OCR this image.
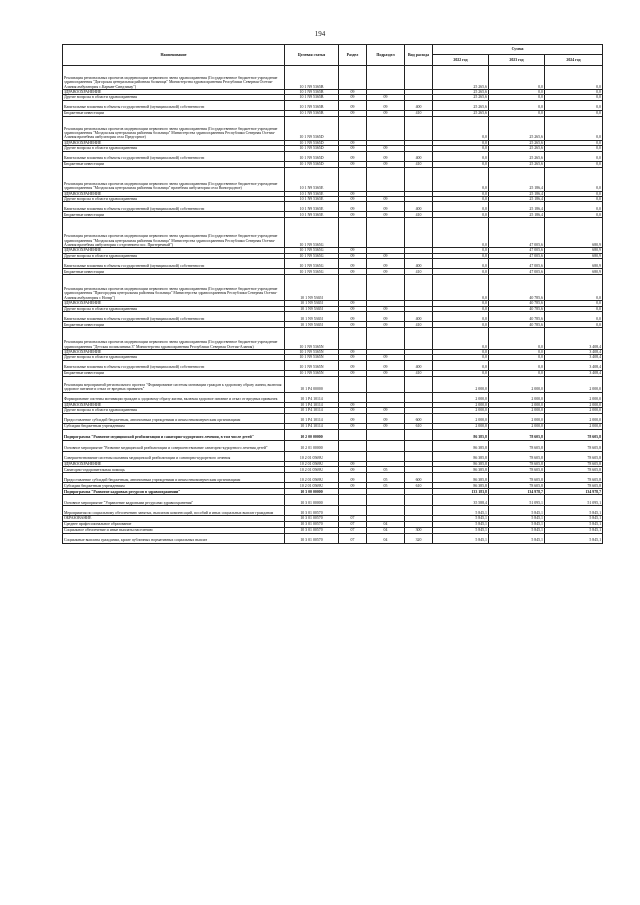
194
Наименование	Целевая статья	Раздел	Подраздел	Вид расхода	Сумма		
					2022 год	2023 год	2024 год
Реализация региональных проектов модернизации первичного звена здравоохранения (Государственное бюджетное учреждение здравоохранения "Дигорская центральная районная больница" Министерства здравоохранения Республики Северная Осетия-Алания амбулатория с.Карман-Синдзикау")	10 1 N9 5365B				25 265,6	0,0	0,0
ЗДРАВООХРАНЕНИЕ	10 1 N9 5365B	09			25 265,6	0,0	0,0
Другие вопросы в области здравоохранения	10 1 N9 5365B	09	09		25 265,6	0,0	0,0
Капитальные вложения в объекты государственной (муниципальной) собственности	10 1 N9 5365B	09	09	400	25 265,6	0,0	0,0
Бюджетные инвестиции	10 1 N9 5365B	09	09	410	25 265,6	0,0	0,0
Реализация региональных проектов модернизации первичного звена здравоохранения (Государственное бюджетное учреждение здравоохранения "Моздокская центральная районная больница" Министерства здравоохранения Республики Северная Осетия-Алания врачебная амбулатория села Предгорное)	10 1 N9 5365D				0,0	25 265,6	0,0
ЗДРАВООХРАНЕНИЕ	10 1 N9 5365D	09			0,0	25 265,6	0,0
Другие вопросы в области здравоохранения	10 1 N9 5365D	09	09		0,0	25 265,6	0,0
Капитальные вложения в объекты государственной (муниципальной) собственности	10 1 N9 5365D	09	09	400	0,0	25 265,6	0,0
Бюджетные инвестиции	10 1 N9 5365D	09	09	410	0,0	25 265,6	0,0
Реализация региональных проектов модернизации первичного звена здравоохранения (Государственное бюджетное учреждение здравоохранения "Моздокская центральная районная больница" врачебная амбулатория села Виноградное)	10 1 N9 5365E				0,0	25 186,4	0,0
ЗДРАВООХРАНЕНИЕ	10 1 N9 5365E	09			0,0	25 186,4	0,0
Другие вопросы в области здравоохранения	10 1 N9 5365E	09	09		0,0	25 186,4	0,0
Капитальные вложения в объекты государственной (муниципальной) собственности	10 1 N9 5365E	09	09	400	0,0	25 186,4	0,0
Бюджетные инвестиции	10 1 N9 5365E	09	09	410	0,0	25 186,4	0,0
Реализация региональных проектов модернизации первичного звена здравоохранения (Государственное бюджетное учреждение здравоохранения "Моздокская центральная районная больница" Министерства здравоохранения Республики Северная Осетия-Алания врачебная амбулатория с отделением пос. Притеречный")	10 1 N9 5365G				0,0	47 005,6	680,9
ЗДРАВООХРАНЕНИЕ	10 1 N9 5365G	09			0,0	47 005,6	680,9
Другие вопросы в области здравоохранения	10 1 N9 5365G	09	09		0,0	47 005,6	680,9
Капитальные вложения в объекты государственной (муниципальной) собственности	10 1 N9 5365G	09	09	400	0,0	47 005,6	680,9
Бюджетные инвестиции	10 1 N9 5365G	09	09	410	0,0	47 005,6	680,9
Реализация региональных проектов модернизации первичного звена здравоохранения (Государственное бюджетное учреждение здравоохранения "Пригородная центральная районная больница" Министерства здравоохранения Республики Северная Осетия-Алания амбулатория с Ногир")	10 1 N9 5365I				0,0	40 785,6	0,0
ЗДРАВООХРАНЕНИЕ	10 1 N9 5365I	09			0,0	40 785,6	0,0
Другие вопросы в области здравоохранения	10 1 N9 5365I	09	09		0,0	40 785,6	0,0
Капитальные вложения в объекты государственной (муниципальной) собственности	10 1 N9 5365I	09	09	400	0,0	40 785,6	0,0
Бюджетные инвестиции	10 1 N9 5365I	09	09	410	0,0	40 785,6	0,0
Реализация региональных проектов модернизации первичного звена здравоохранения (Государственное бюджетное учреждение здравоохранения "Детская поликлиника 3" Министерства здравоохранения Республики Северная Осетия-Алания)	10 1 N9 5365N				0,0	0,0	3 408,4
ЗДРАВООХРАНЕНИЕ	10 1 N9 5365N	09			0,0	0,0	3 408,4
Другие вопросы в области здравоохранения	10 1 N9 5365N	09	09		0,0	0,0	3 408,4
Капитальные вложения в объекты государственной (муниципальной) собственности	10 1 N9 5365N	09	09	400	0,0	0,0	3 408,4
Бюджетные инвестиции	10 1 N9 5365N	09	09	410	0,0	0,0	3 408,4
Реализация мероприятий регионального проекта "Формирование системы мотивации граждан к здоровому образу жизни, включая здоровое питание и отказ от вредных привычек"	10 1 P4 00000				2 000,0	2 000,0	2 000,0
Формирование системы мотивации граждан к здоровому образу жизни, включая здоровое питание и отказ от вредных привычек	10 1 P4 10114				2 000,0	2 000,0	2 000,0
ЗДРАВООХРАНЕНИЕ	10 1 P4 10114	09			2 000,0	2 000,0	2 000,0
Другие вопросы в области здравоохранения	10 1 P4 10114	09	09		2 000,0	2 000,0	2 000,0
Предоставление субсидий бюджетным, автономным учреждениям и иным некоммерческим организациям	10 1 P4 10114	09	09	600	2 000,0	2 000,0	2 000,0
Субсидии бюджетным учреждениям	10 1 P4 10114	09	09	610	2 000,0	2 000,0	2 000,0
Подпрограмма "Развитие медицинской реабилитации и санаторно-курортного лечения, в том числе детей"	10 2 00 00000				86 385,8	78 605,8	78 605,8
Основное мероприятие "Развитие медицинской реабилитации и совершенствование санаторно-курортного лечения детей"	10 2 01 00000				86 385,8	78 605,8	78 605,8
Совершенствование системы оказания медицинской реабилитации и санаторно-курортного лечения	10 2 01 0569U				86 385,8	78 605,8	78 605,8
ЗДРАВООХРАНЕНИЕ	10 2 01 0569U	09			86 385,8	78 605,8	78 605,8
Санаторно-оздоровительная помощь	10 2 01 0569U	09	05		86 385,8	78 605,8	78 605,8
Предоставление субсидий бюджетным, автономным учреждениям и иным некоммерческим организациям	10 2 01 0569U	09	05	600	86 385,8	78 605,8	78 605,8
Субсидии бюджетным учреждениям	10 2 01 0569U	09	05	610	86 385,8	78 605,8	78 605,8
Подпрограмма "Развитие кадровых ресурсов в здравоохранении"	10 3 00 00000				133 183,8	134 978,7	134 978,7
Основное мероприятие "Управление кадровыми ресурсами здравоохранения"	10 3 01 00000				35 588,4	51 095,1	51 095,1
Мероприятия по социальному обеспечению занятых, выплатам компенсаций, пособий и иных социальных выплат гражданам	10 3 01 00570				5 845,1	5 845,1	5 845,1
ОБРАЗОВАНИЕ	10 3 01 00570	07			5 845,1	5 845,1	5 845,1
Среднее профессиональное образование	10 3 01 00570	07	04		5 845,1	5 845,1	5 845,1
Социальное обеспечение и иные выплаты населению	10 3 01 00570	07	04	300	5 845,1	5 845,1	5 845,1
Социальные выплаты гражданам, кроме публичных нормативных социальных выплат	10 3 01 00570	07	04	320	5 845,1	5 845,1	5 845,1
